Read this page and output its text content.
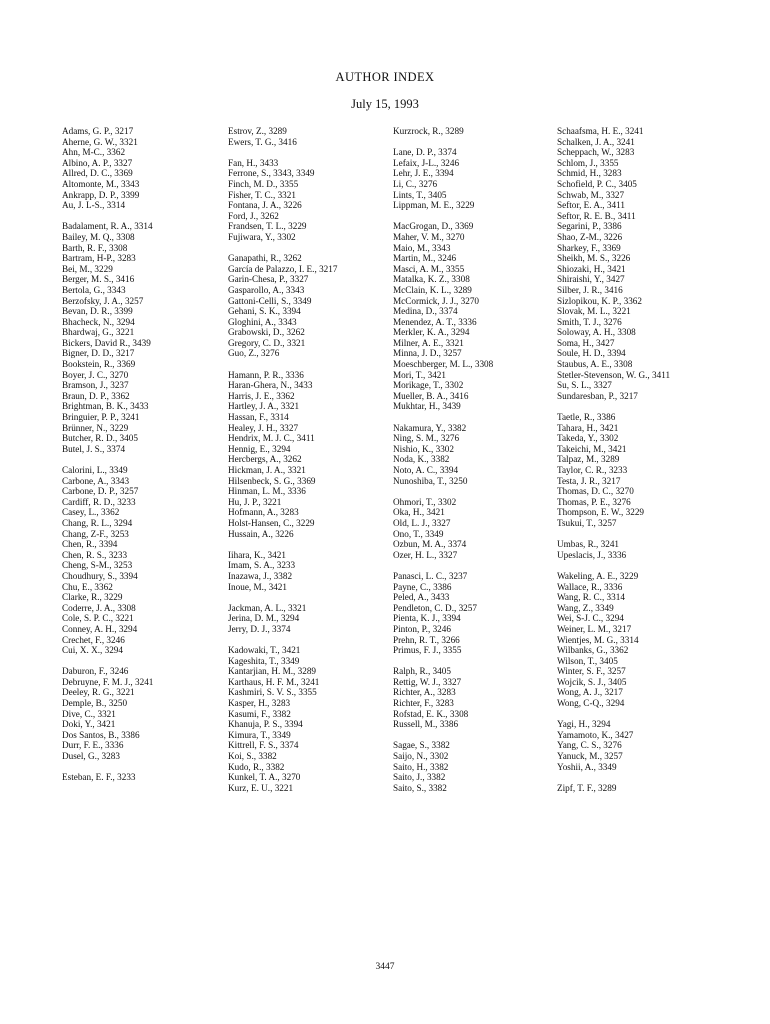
AUTHOR INDEX
July 15, 1993
Adams, G. P., 3217
Aherne, G. W., 3321
Ahn, M-C., 3362
Albino, A. P., 3327
Allred, D. C., 3369
Altomonte, M., 3343
Ankrapp, D. P., 3399
Au, J. L-S., 3314
Badalament, R. A., 3314
Bailey, M. Q., 3308
Barth, R. F., 3308
Bartram, H-P., 3283
Bei, M., 3229
Berger, M. S., 3416
Bertola, G., 3343
Berzofsky, J. A., 3257
Bevan, D. R., 3399
Bhacheck, N., 3294
Bhardwaj, G., 3221
Bickers, David R., 3439
Bigner, D. D., 3217
Bookstein, R., 3369
Boyer, J. C., 3270
Bramson, J., 3237
Braun, D. P., 3362
Brightman, B. K., 3433
Bringuier, P. P., 3241
Brünner, N., 3229
Butcher, R. D., 3405
Butel, J. S., 3374
Calorini, L., 3349
Carbone, A., 3343
Carbone, D. P., 3257
Cardiff, R. D., 3233
Casey, L., 3362
Chang, R. L., 3294
Chang, Z-F., 3253
Chen, R., 3394
Chen, R. S., 3233
Cheng, S-M., 3253
Choudhury, S., 3394
Chu, E., 3362
Clarke, R., 3229
Coderre, J. A., 3308
Cole, S. P. C., 3221
Conney, A. H., 3294
Crechet, F., 3246
Cui, X. X., 3294
Daburon, F., 3246
Debruyne, F. M. J., 3241
Deeley, R. G., 3221
Demple, B., 3250
Dive, C., 3321
Doki, Y., 3421
Dos Santos, B., 3386
Durr, F. E., 3336
Dusel, G., 3283
Esteban, E. F., 3233
Estrov, Z., 3289
Ewers, T. G., 3416
Fan, H., 3433
Ferrone, S., 3343, 3349
Finch, M. D., 3355
Fisher, T. C., 3321
Fontana, J. A., 3226
Ford, J., 3262
Frandsen, T. L., 3229
Fujiwara, Y., 3302
Ganapathi, R., 3262
García de Palazzo, I. E., 3217
Garin-Chesa, P., 3327
Gasparollo, A., 3343
Gattoni-Celli, S., 3349
Gehani, S. K., 3394
Gloghini, A., 3343
Grabowski, D., 3262
Gregory, C. D., 3321
Guo, Z., 3276
Hamann, P. R., 3336
Haran-Ghera, N., 3433
Harris, J. E., 3362
Hartley, J. A., 3321
Hassan, F., 3314
Healey, J. H., 3327
Hendrix, M. J. C., 3411
Hennig, E., 3294
Hercbergs, A., 3262
Hickman, J. A., 3321
Hilsenbeck, S. G., 3369
Hinman, L. M., 3336
Hu, J. P., 3221
Hofmann, A., 3283
Holst-Hansen, C., 3229
Hussain, A., 3226
Iihara, K., 3421
Imam, S. A., 3233
Inazawa, J., 3382
Inoue, M., 3421
Jackman, A. L., 3321
Jerina, D. M., 3294
Jerry, D. J., 3374
Kadowaki, T., 3421
Kageshita, T., 3349
Kantarjian, H. M., 3289
Karthaus, H. F. M., 3241
Kashmiri, S. V. S., 3355
Kasper, H., 3283
Kasumi, F., 3382
Khanuja, P. S., 3394
Kimura, T., 3349
Kittrell, F. S., 3374
Koi, S., 3382
Kudo, R., 3382
Kunkel, T. A., 3270
Kurz, E. U., 3221
Kurzrock, R., 3289
Lane, D. P., 3374
Lefaix, J-L., 3246
Lehr, J. E., 3394
Li, C., 3276
Lints, T., 3405
Lippman, M. E., 3229
MacGrogan, D., 3369
Maher, V. M., 3270
Maio, M., 3343
Martin, M., 3246
Masci, A. M., 3355
Matalka, K. Z., 3308
McClain, K. L., 3289
McCormick, J. J., 3270
Medina, D., 3374
Menendez, A. T., 3336
Merkler, K. A., 3294
Milner, A. E., 3321
Minna, J. D., 3257
Moeschberger, M. L., 3308
Mori, T., 3421
Morikage, T., 3302
Mueller, B. A., 3416
Mukhtar, H., 3439
Nakamura, Y., 3382
Ning, S. M., 3276
Nishio, K., 3302
Noda, K., 3382
Noto, A. C., 3394
Nunoshiba, T., 3250
Ohmori, T., 3302
Oka, H., 3421
Old, L. J., 3327
Ono, T., 3349
Ozbun, M. A., 3374
Ozer, H. L., 3327
Panasci, L. C., 3237
Payne, C., 3386
Peled, A., 3433
Pendleton, C. D., 3257
Pienta, K. J., 3394
Pinton, P., 3246
Prehn, R. T., 3266
Primus, F. J., 3355
Ralph, R., 3405
Rettig, W. J., 3327
Richter, A., 3283
Richter, F., 3283
Rofstad, E. K., 3308
Russell, M., 3386
Sagae, S., 3382
Saijo, N., 3302
Saito, H., 3382
Saito, J., 3382
Saito, S., 3382
Schaafsma, H. E., 3241
Schalken, J. A., 3241
Scheppach, W., 3283
Schlom, J., 3355
Schmid, H., 3283
Schofield, P. C., 3405
Schwab, M., 3327
Seftor, E. A., 3411
Seftor, R. E. B., 3411
Segarini, P., 3386
Shao, Z-M., 3226
Sharkey, F., 3369
Sheikh, M. S., 3226
Shiozaki, H., 3421
Shiraishi, Y., 3427
Silber, J. R., 3416
Sizlopikou, K. P., 3362
Slovak, M. L., 3221
Smith, T. J., 3276
Soloway, A. H., 3308
Soma, H., 3427
Soule, H. D., 3394
Staubus, A. E., 3308
Stetler-Stevenson, W. G., 3411
Su, S. L., 3327
Sundaresban, P., 3217
Taetle, R., 3386
Tahara, H., 3421
Takeda, Y., 3302
Takeichi, M., 3421
Talpaz, M., 3289
Taylor, C. R., 3233
Testa, J. R., 3217
Thomas, D. C., 3270
Thomas, P. E., 3276
Thompson, E. W., 3229
Tsukui, T., 3257
Umbas, R., 3241
Upeslacis, J., 3336
Wakeling, A. E., 3229
Wallace, R., 3336
Wang, R. C., 3314
Wang, Z., 3349
Wei, S-J. C., 3294
Weiner, L. M., 3217
Wientjes, M. G., 3314
Wilbanks, G., 3362
Wilson, T., 3405
Winter, S. F., 3257
Wojcik, S. J., 3405
Wong, A. J., 3217
Wong, C-Q., 3294
Yagi, H., 3294
Yamamoto, K., 3427
Yang, C. S., 3276
Yanuck, M., 3257
Yoshii, A., 3349
Zipf, T. F., 3289
3447
